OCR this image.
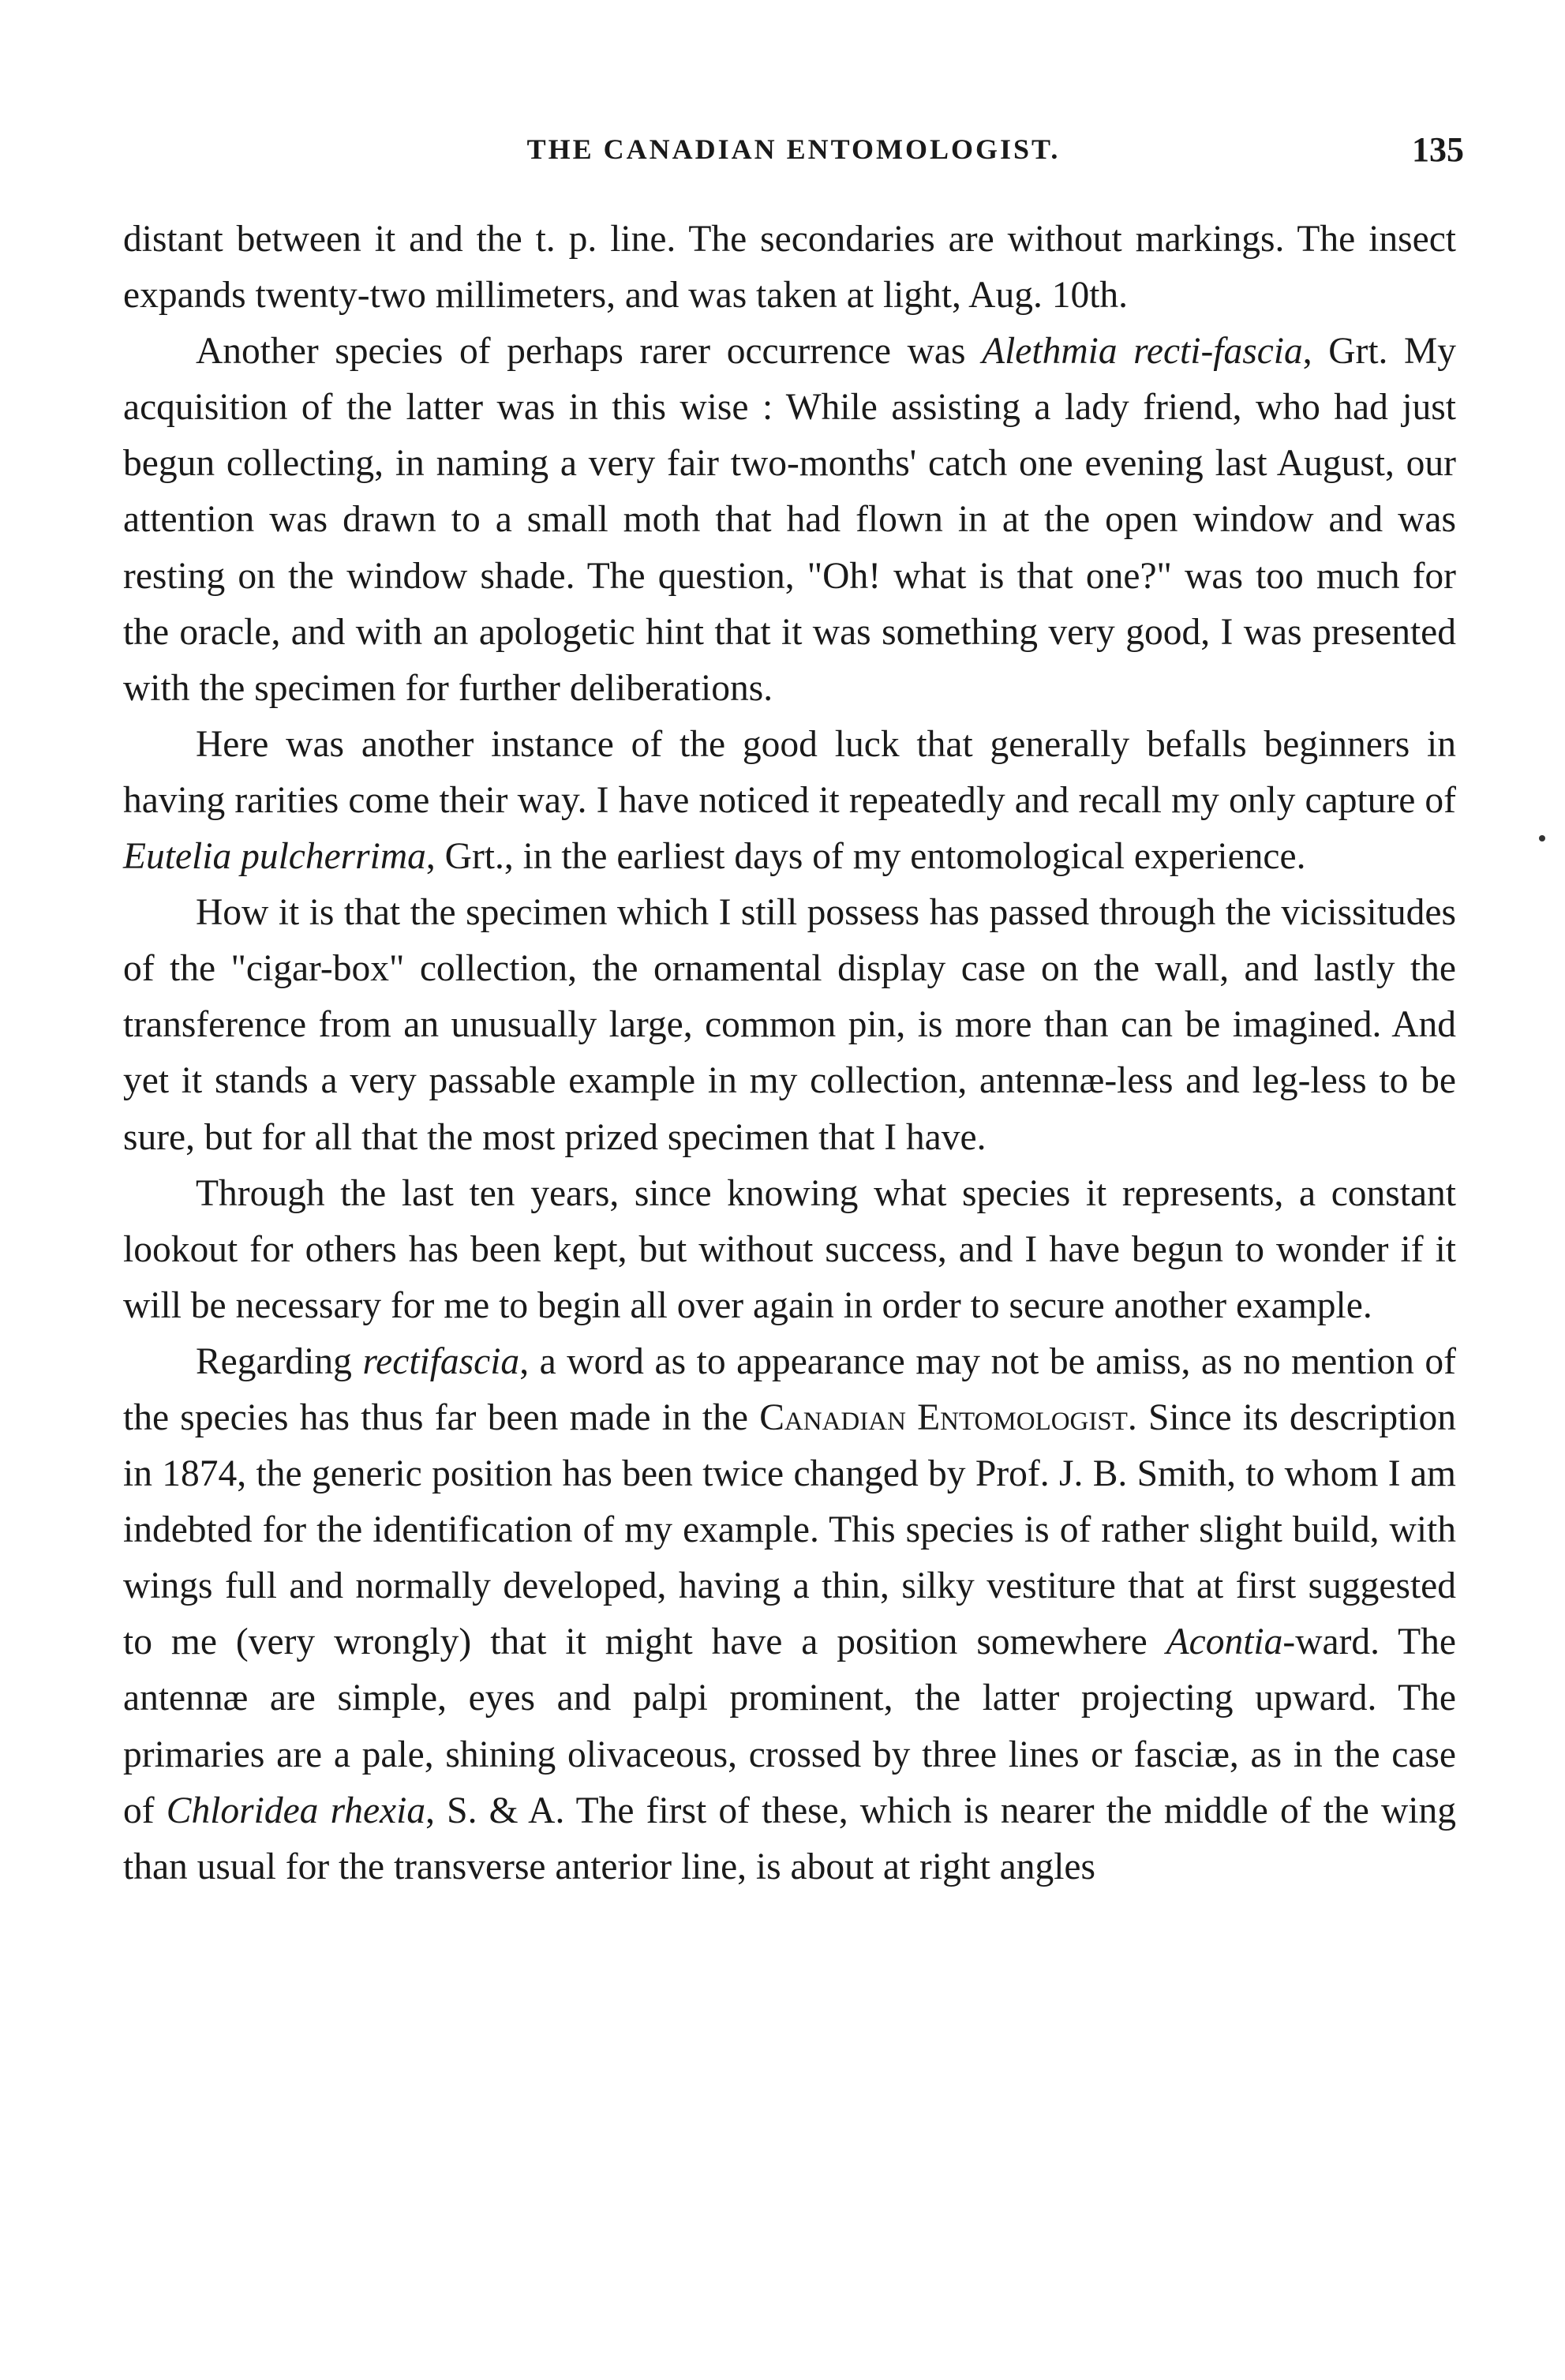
THE CANADIAN ENTOMOLOGIST.	135

distant between it and the t. p. line. The secondaries are without markings. The insect expands twenty-two millimeters, and was taken at light, Aug. 10th.

Another species of perhaps rarer occurrence was Alethmia recti-fascia, Grt. My acquisition of the latter was in this wise : While assisting a lady friend, who had just begun collecting, in naming a very fair two-months' catch one evening last August, our attention was drawn to a small moth that had flown in at the open window and was resting on the window shade. The question, "Oh! what is that one?" was too much for the oracle, and with an apologetic hint that it was something very good, I was presented with the specimen for further deliberations.

Here was another instance of the good luck that generally befalls beginners in having rarities come their way. I have noticed it repeatedly and recall my only capture of Eutelia pulcherrima, Grt., in the earliest days of my entomological experience.

How it is that the specimen which I still possess has passed through the vicissitudes of the "cigar-box" collection, the ornamental display case on the wall, and lastly the transference from an unusually large, common pin, is more than can be imagined. And yet it stands a very passable example in my collection, antennæ-less and leg-less to be sure, but for all that the most prized specimen that I have.

Through the last ten years, since knowing what species it represents, a constant lookout for others has been kept, but without success, and I have begun to wonder if it will be necessary for me to begin all over again in order to secure another example.

Regarding rectifascia, a word as to appearance may not be amiss, as no mention of the species has thus far been made in the Canadian Entomologist. Since its description in 1874, the generic position has been twice changed by Prof. J. B. Smith, to whom I am indebted for the identification of my example. This species is of rather slight build, with wings full and normally developed, having a thin, silky vestiture that at first suggested to me (very wrongly) that it might have a position somewhere Acontia-ward. The antennæ are simple, eyes and palpi prominent, the latter projecting upward. The primaries are a pale, shining olivaceous, crossed by three lines or fasciæ, as in the case of Chloridea rhexia, S. & A. The first of these, which is nearer the middle of the wing than usual for the transverse anterior line, is about at right angles
